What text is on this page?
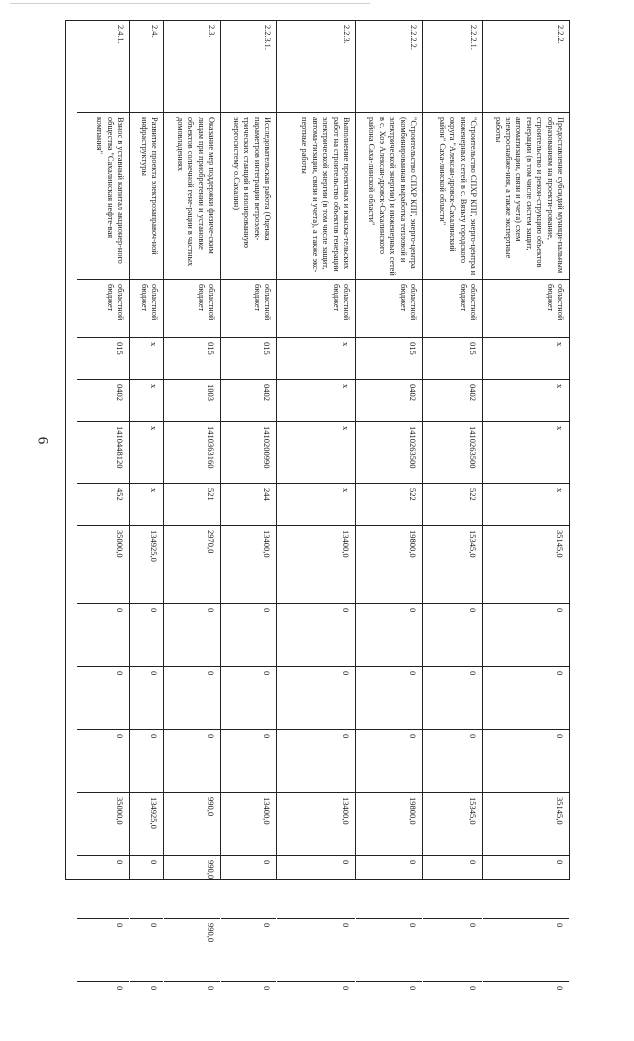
6
2.2.2.
Предоставление субсидий муници-пальным образованиям на проекти-рование, строительство и рекон-струкцию объектов генерации (в том числе систем защит, автоматизации, связи и учета) схем электроснабже-ния, а также экспертные работы
областной бюджет
x
x
x
x
35145,0
0
0
0
35145,0
0
0
0
2.2.2.1.
"Строительство СПХР КПГ, энерго-центра и инженерных сетей в с. Вязьту городского округа "Алексан-дровск-Сахалинский район" Саха-линской области"
областной бюджет
015
0402
1410263500
522
15345,0
0
0
0
15345,0
0
0
0
2.2.2.2.
"Строительство СПХР КПГ, энерго-центра (комбинированная выработка тепловой и электрической энергии) и инженерных сетей в с. Хоэ Алексан-дровск-Сахалинского района Саха-линской области"
областной бюджет
015
0402
1410263500
522
19800,0
0
0
0
19800,0
0
0
0
2.2.3.
Выполнение проектных и изыска-тельских работ на строительство объектов генерации электрической энергии (в том числе защит, автома-тизации, связи и учета), а также экс-пертные работы
областной бюджет
x
x
x
x
13400,0
0
0
0
13400,0
0
0
0
2.2.3.1.
Исследовательская работа (Оценка параметров интеграции ветроэлек-трических станций в изолированную энергосистему о.Сахалин)
областной бюджет
015
0402
1410200990
244
13400,0
0
0
0
13400,0
0
0
0
2.3.
Оказание мер поддержки физиче-ским лицам при приобретении и установке объектов солнечной гене-рации в частных домовладениях
областной бюджет
015
1003
1410363160
521
2970,0
0
0
0
990,0
990,0
990,0
0
2.4.
Развитие проекта электрозаправоч-ной инфраструктуры
областной бюджет
x
x
x
x
134925,0
0
0
0
134925,0
0
0
0
2.4.1.
Взнос в уставный капитал акционер-ного общества "Сахалинская нефте-вая компания"
областной бюджет
015
0402
1410448120
452
35000,0
0
0
0
35000,0
0
0
0
